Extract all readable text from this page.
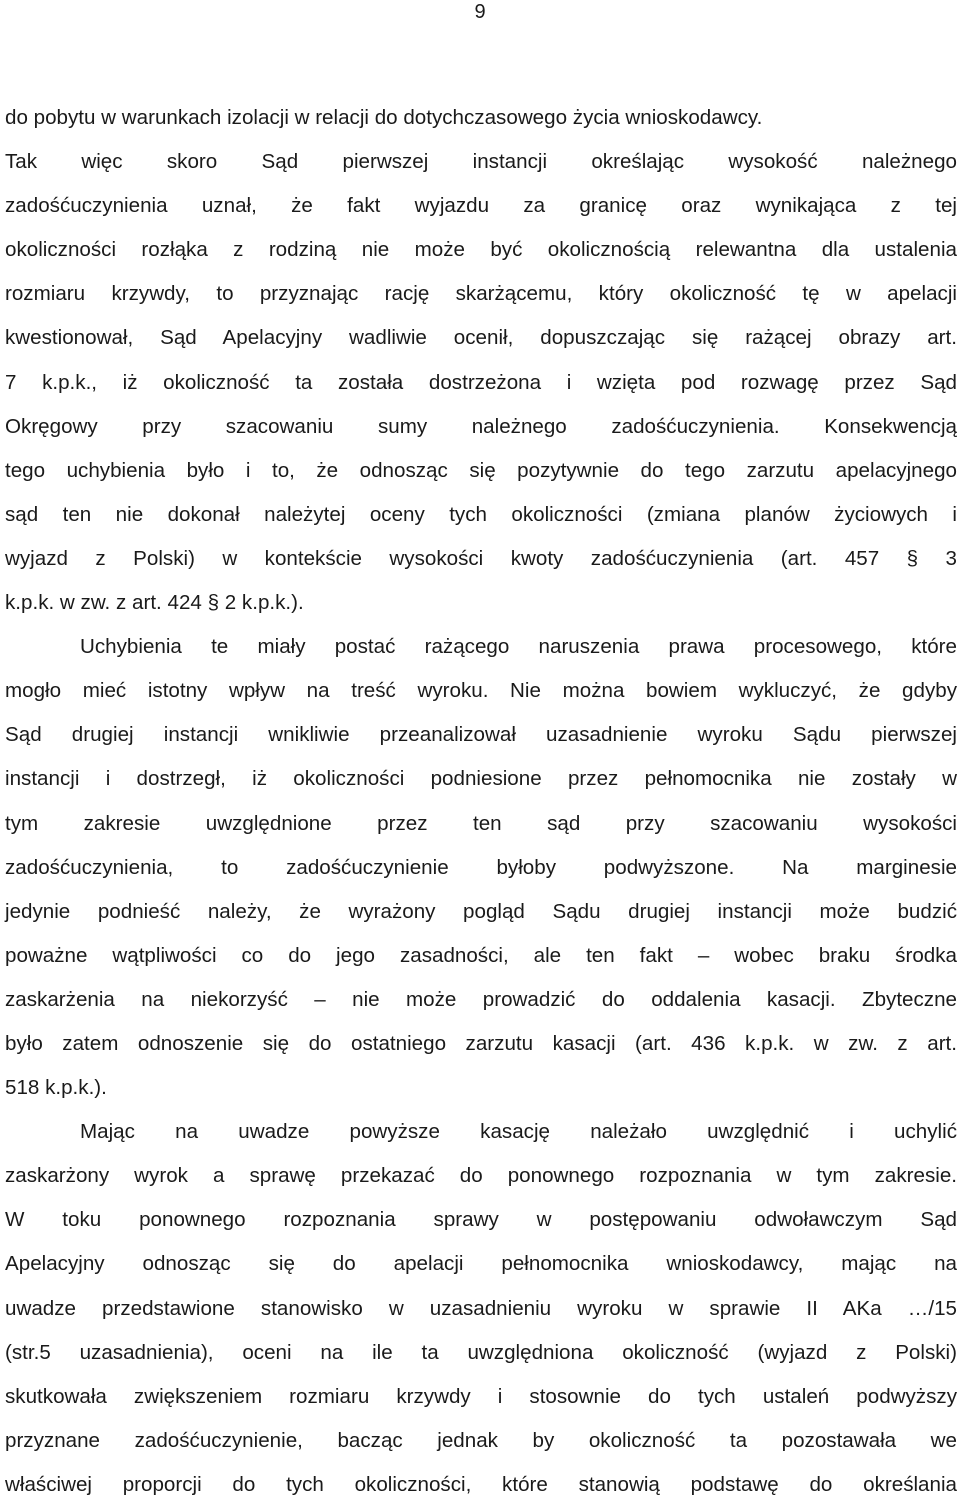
9

do pobytu w warunkach izolacji w relacji do dotychczasowego życia wnioskodawcy.

Tak więc skoro Sąd pierwszej instancji określając wysokość należnego

zadośćuczynienia uznał, że fakt wyjazdu za granicę oraz wynikająca z tej

okoliczności rozłąka z rodziną nie może być okolicznością relewantna dla ustalenia

rozmiaru krzywdy, to przyznając rację skarżącemu, który okoliczność tę w apelacji

kwestionował, Sąd Apelacyjny wadliwie ocenił, dopuszczając się rażącej obrazy art.

7 k.p.k., iż okoliczność ta została dostrzeżona i wzięta pod rozwagę przez Sąd

Okręgowy przy szacowaniu sumy należnego zadośćuczynienia. Konsekwencją

tego uchybienia było i to, że odnosząc się pozytywnie do tego zarzutu apelacyjnego

sąd ten nie dokonał należytej oceny tych okoliczności (zmiana planów życiowych i

wyjazd z Polski) w kontekście wysokości kwoty zadośćuczynienia (art. 457 § 3

k.p.k. w zw. z art. 424 § 2 k.p.k.).

Uchybienia te miały postać rażącego naruszenia prawa procesowego, które

mogło mieć istotny wpływ na treść wyroku. Nie można bowiem wykluczyć, że gdyby

Sąd drugiej instancji wnikliwie przeanalizował uzasadnienie wyroku Sądu pierwszej

instancji i dostrzegł, iż okoliczności podniesione przez pełnomocnika nie zostały w

tym zakresie uwzględnione przez ten sąd przy szacowaniu wysokości

zadośćuczynienia, to zadośćuczynienie byłoby podwyższone. Na marginesie

jedynie podnieść należy, że wyrażony pogląd Sądu drugiej instancji może budzić

poważne wątpliwości co do jego zasadności, ale ten fakt – wobec braku środka

zaskarżenia na niekorzyść – nie może prowadzić do oddalenia kasacji. Zbyteczne

było zatem odnoszenie się do ostatniego zarzutu kasacji (art. 436 k.p.k. w zw. z art.

518 k.p.k.).

Mając na uwadze powyższe kasację należało uwzględnić i uchylić

zaskarżony wyrok a sprawę przekazać do ponownego rozpoznania w tym zakresie.

W toku ponownego rozpoznania sprawy w postępowaniu odwoławczym Sąd

Apelacyjny odnosząc się do apelacji pełnomocnika wnioskodawcy, mając na

uwadze przedstawione stanowisko w uzasadnieniu wyroku w sprawie II AKa …/15

(str.5 uzasadnienia), oceni na ile ta uwzględniona okoliczność (wyjazd z Polski)

skutkowała zwiększeniem rozmiaru krzywdy i stosownie do tych ustaleń podwyższy

przyznane zadośćuczynienie, bacząc jednak by okoliczność ta pozostawała we

właściwej proporcji do tych okoliczności, które stanowią podstawę do określania
